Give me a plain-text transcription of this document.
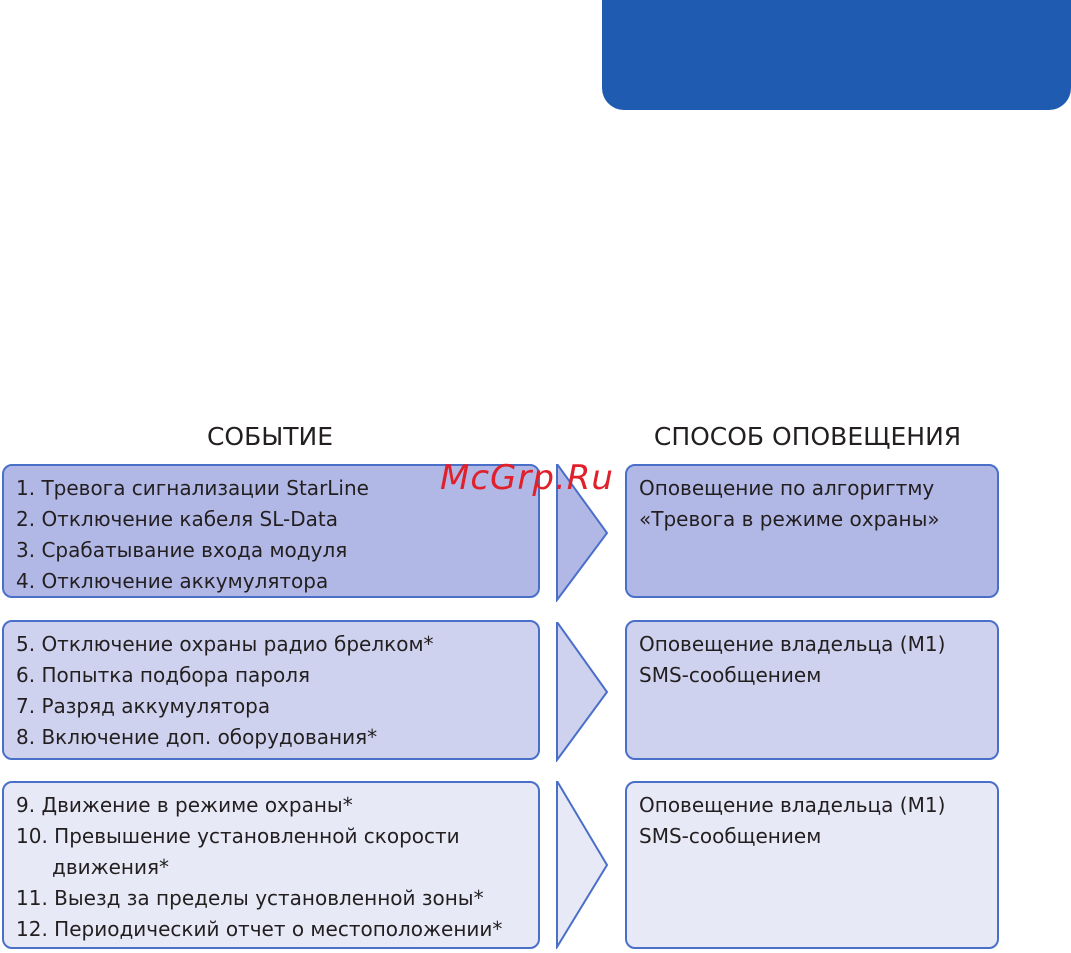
СОБЫТИЕ	СПОСОБ ОПОВЕЩЕНИЯ
1. Тревога сигнализации StarLine
2. Отключение кабеля SL-Data
3. Срабатывание входа модуля
4. Отключение аккумулятора
Оповещение по алгоригтму
«Тревога в режиме охраны»
5. Отключение охраны радио брелком*
6. Попытка подбора пароля
7. Разряд аккумулятора
8. Включение доп. оборудования*
Оповещение владельца (М1)
SMS-сообщением
9. Движение в режиме охраны*
10. Превышение установленной скорости
движения*
11. Выезд за пределы установленной зоны*
12. Периодический отчет о местоположении*
Оповещение владельца (М1)
SMS-сообщением
McGrp.Ru
